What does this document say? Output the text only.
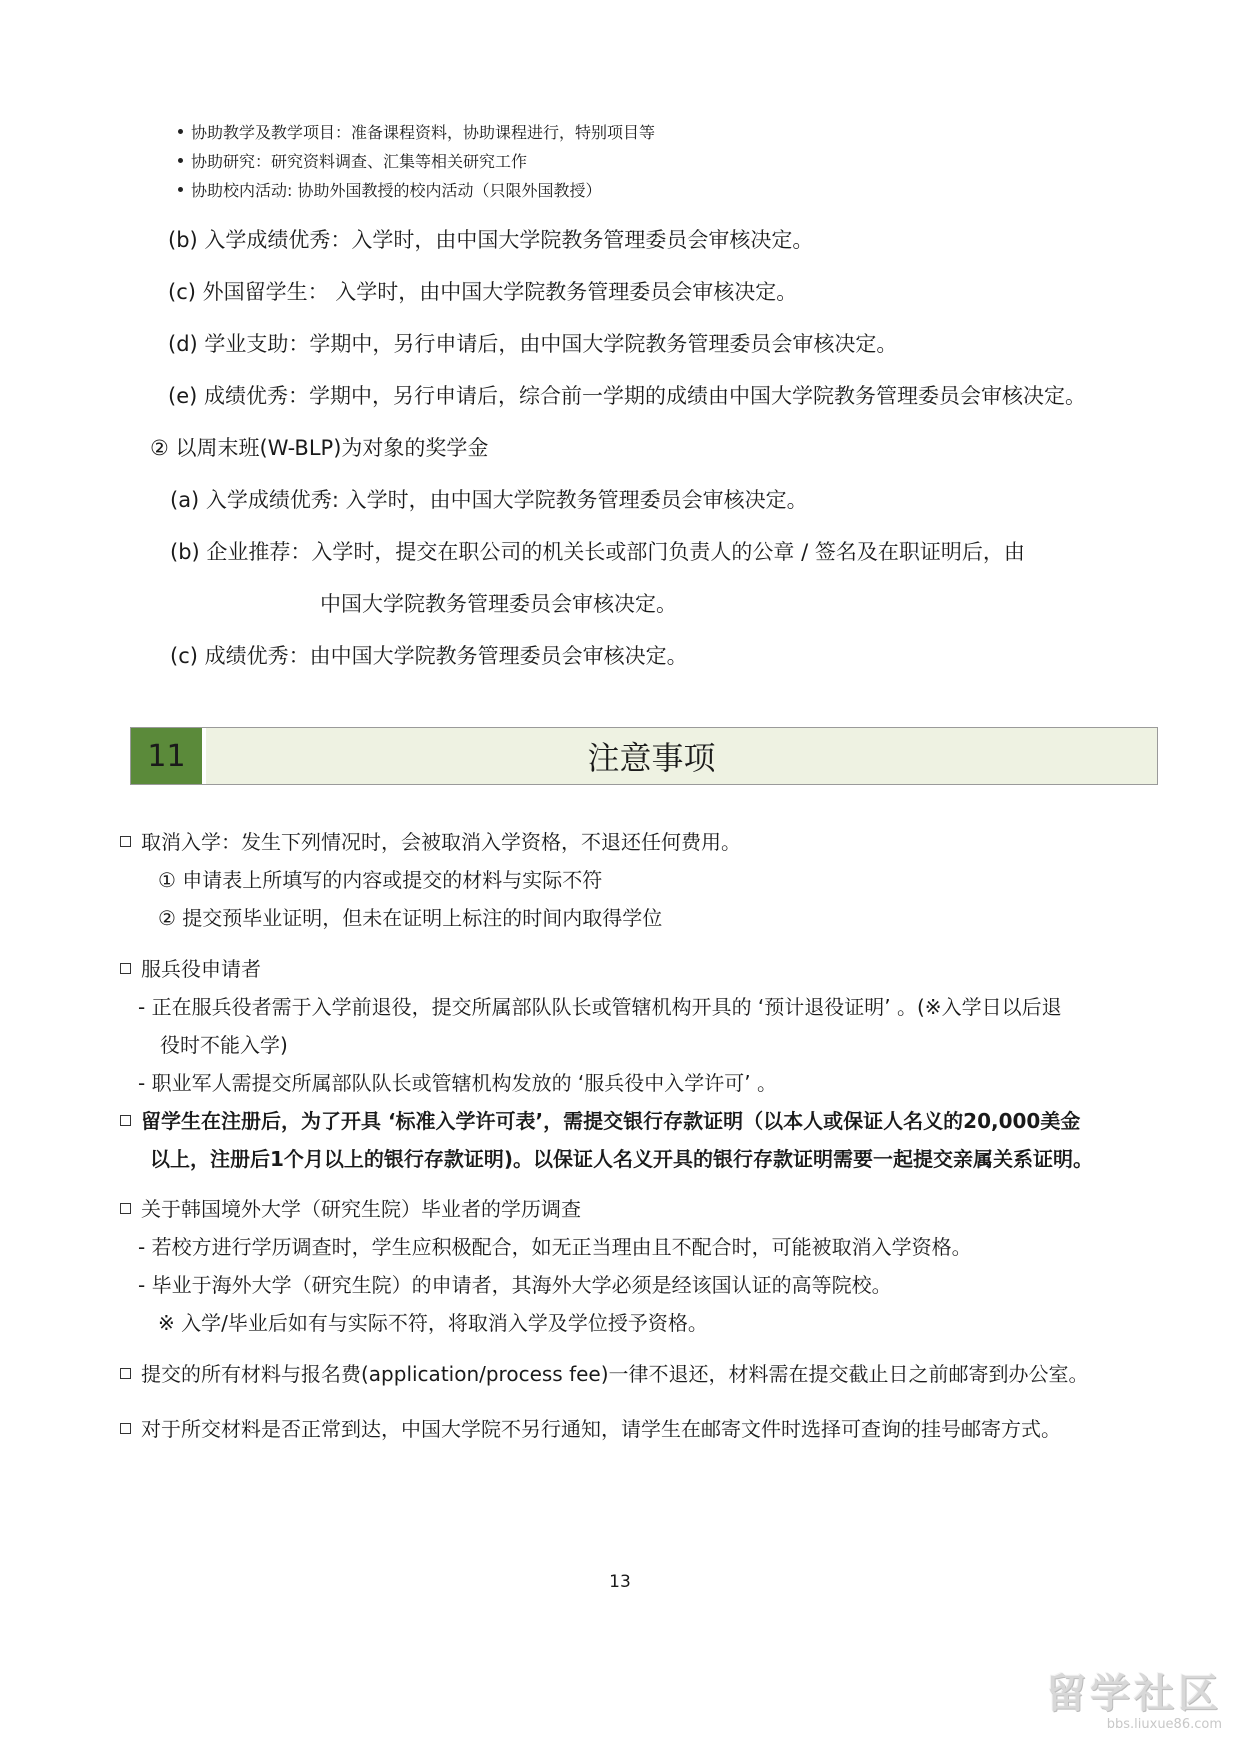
协助教学及教学项目：准备课程资料，协助课程进行，特别项目等
协助研究：研究资料调查、汇集等相关研究工作
协助校内活动: 协助外国教授的校内活动（只限外国教授）
(b) 入学成绩优秀：入学时，由中国大学院教务管理委员会审核决定。
(c) 外国留学生： 入学时，由中国大学院教务管理委员会审核决定。
(d) 学业支助：学期中，另行申请后，由中国大学院教务管理委员会审核决定。
(e) 成绩优秀：学期中，另行申请后，综合前一学期的成绩由中国大学院教务管理委员会审核决定。
② 以周末班(W-BLP)为对象的奖学金
(a) 入学成绩优秀: 入学时，由中国大学院教务管理委员会审核决定。
(b) 企业推荐：入学时，提交在职公司的机关长或部门负责人的公章 / 签名及在职证明后，由
中国大学院教务管理委员会审核决定。
(c) 成绩优秀：由中国大学院教务管理委员会审核决定。
11	注意事项
取消入学：发生下列情况时，会被取消入学资格，不退还任何费用。
① 申请表上所填写的内容或提交的材料与实际不符
② 提交预毕业证明，但未在证明上标注的时间内取得学位
服兵役申请者
- 正在服兵役者需于入学前退役，提交所属部队队长或管辖机构开具的 ‘预计退役证明’ 。(※入学日以后退
役时不能入学)
- 职业军人需提交所属部队队长或管辖机构发放的 ‘服兵役中入学许可’ 。
留学生在注册后，为了开具 ‘标准入学许可表’，需提交银行存款证明（以本人或保证人名义的20,000美金
以上，注册后1个月以上的银行存款证明)。以保证人名义开具的银行存款证明需要一起提交亲属关系证明。
关于韩国境外大学（研究生院）毕业者的学历调查
- 若校方进行学历调查时，学生应积极配合，如无正当理由且不配合时，可能被取消入学资格。
- 毕业于海外大学（研究生院）的申请者，其海外大学必须是经该国认证的高等院校。
※ 入学/毕业后如有与实际不符，将取消入学及学位授予资格。
提交的所有材料与报名费(application/process fee)一律不退还，材料需在提交截止日之前邮寄到办公室。
对于所交材料是否正常到达，中国大学院不另行通知，请学生在邮寄文件时选择可查询的挂号邮寄方式。
13
留学社区
bbs.liuxue86.com
